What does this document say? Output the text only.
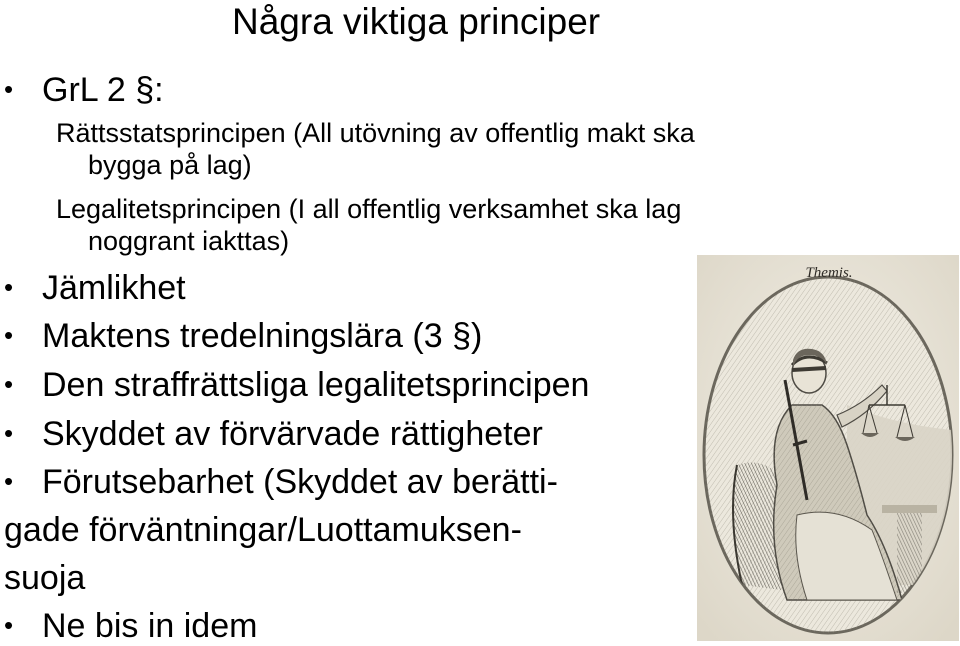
Några viktiga principer
• GrL 2 §:
Rättsstatsprincipen (All utövning av offentlig makt ska
bygga på lag)
Legalitetsprincipen (I all offentlig verksamhet ska lag
noggrant iakttas)
• Jämlikhet
• Maktens tredelningslära (3 §)
• Den straffrättsliga legalitetsprincipen
• Skyddet av förvärvade rättigheter
• Förutsebarhet (Skyddet av berätti-
gade förväntningar/Luottamuksen-
suoja
• Ne bis in idem
Themis.
